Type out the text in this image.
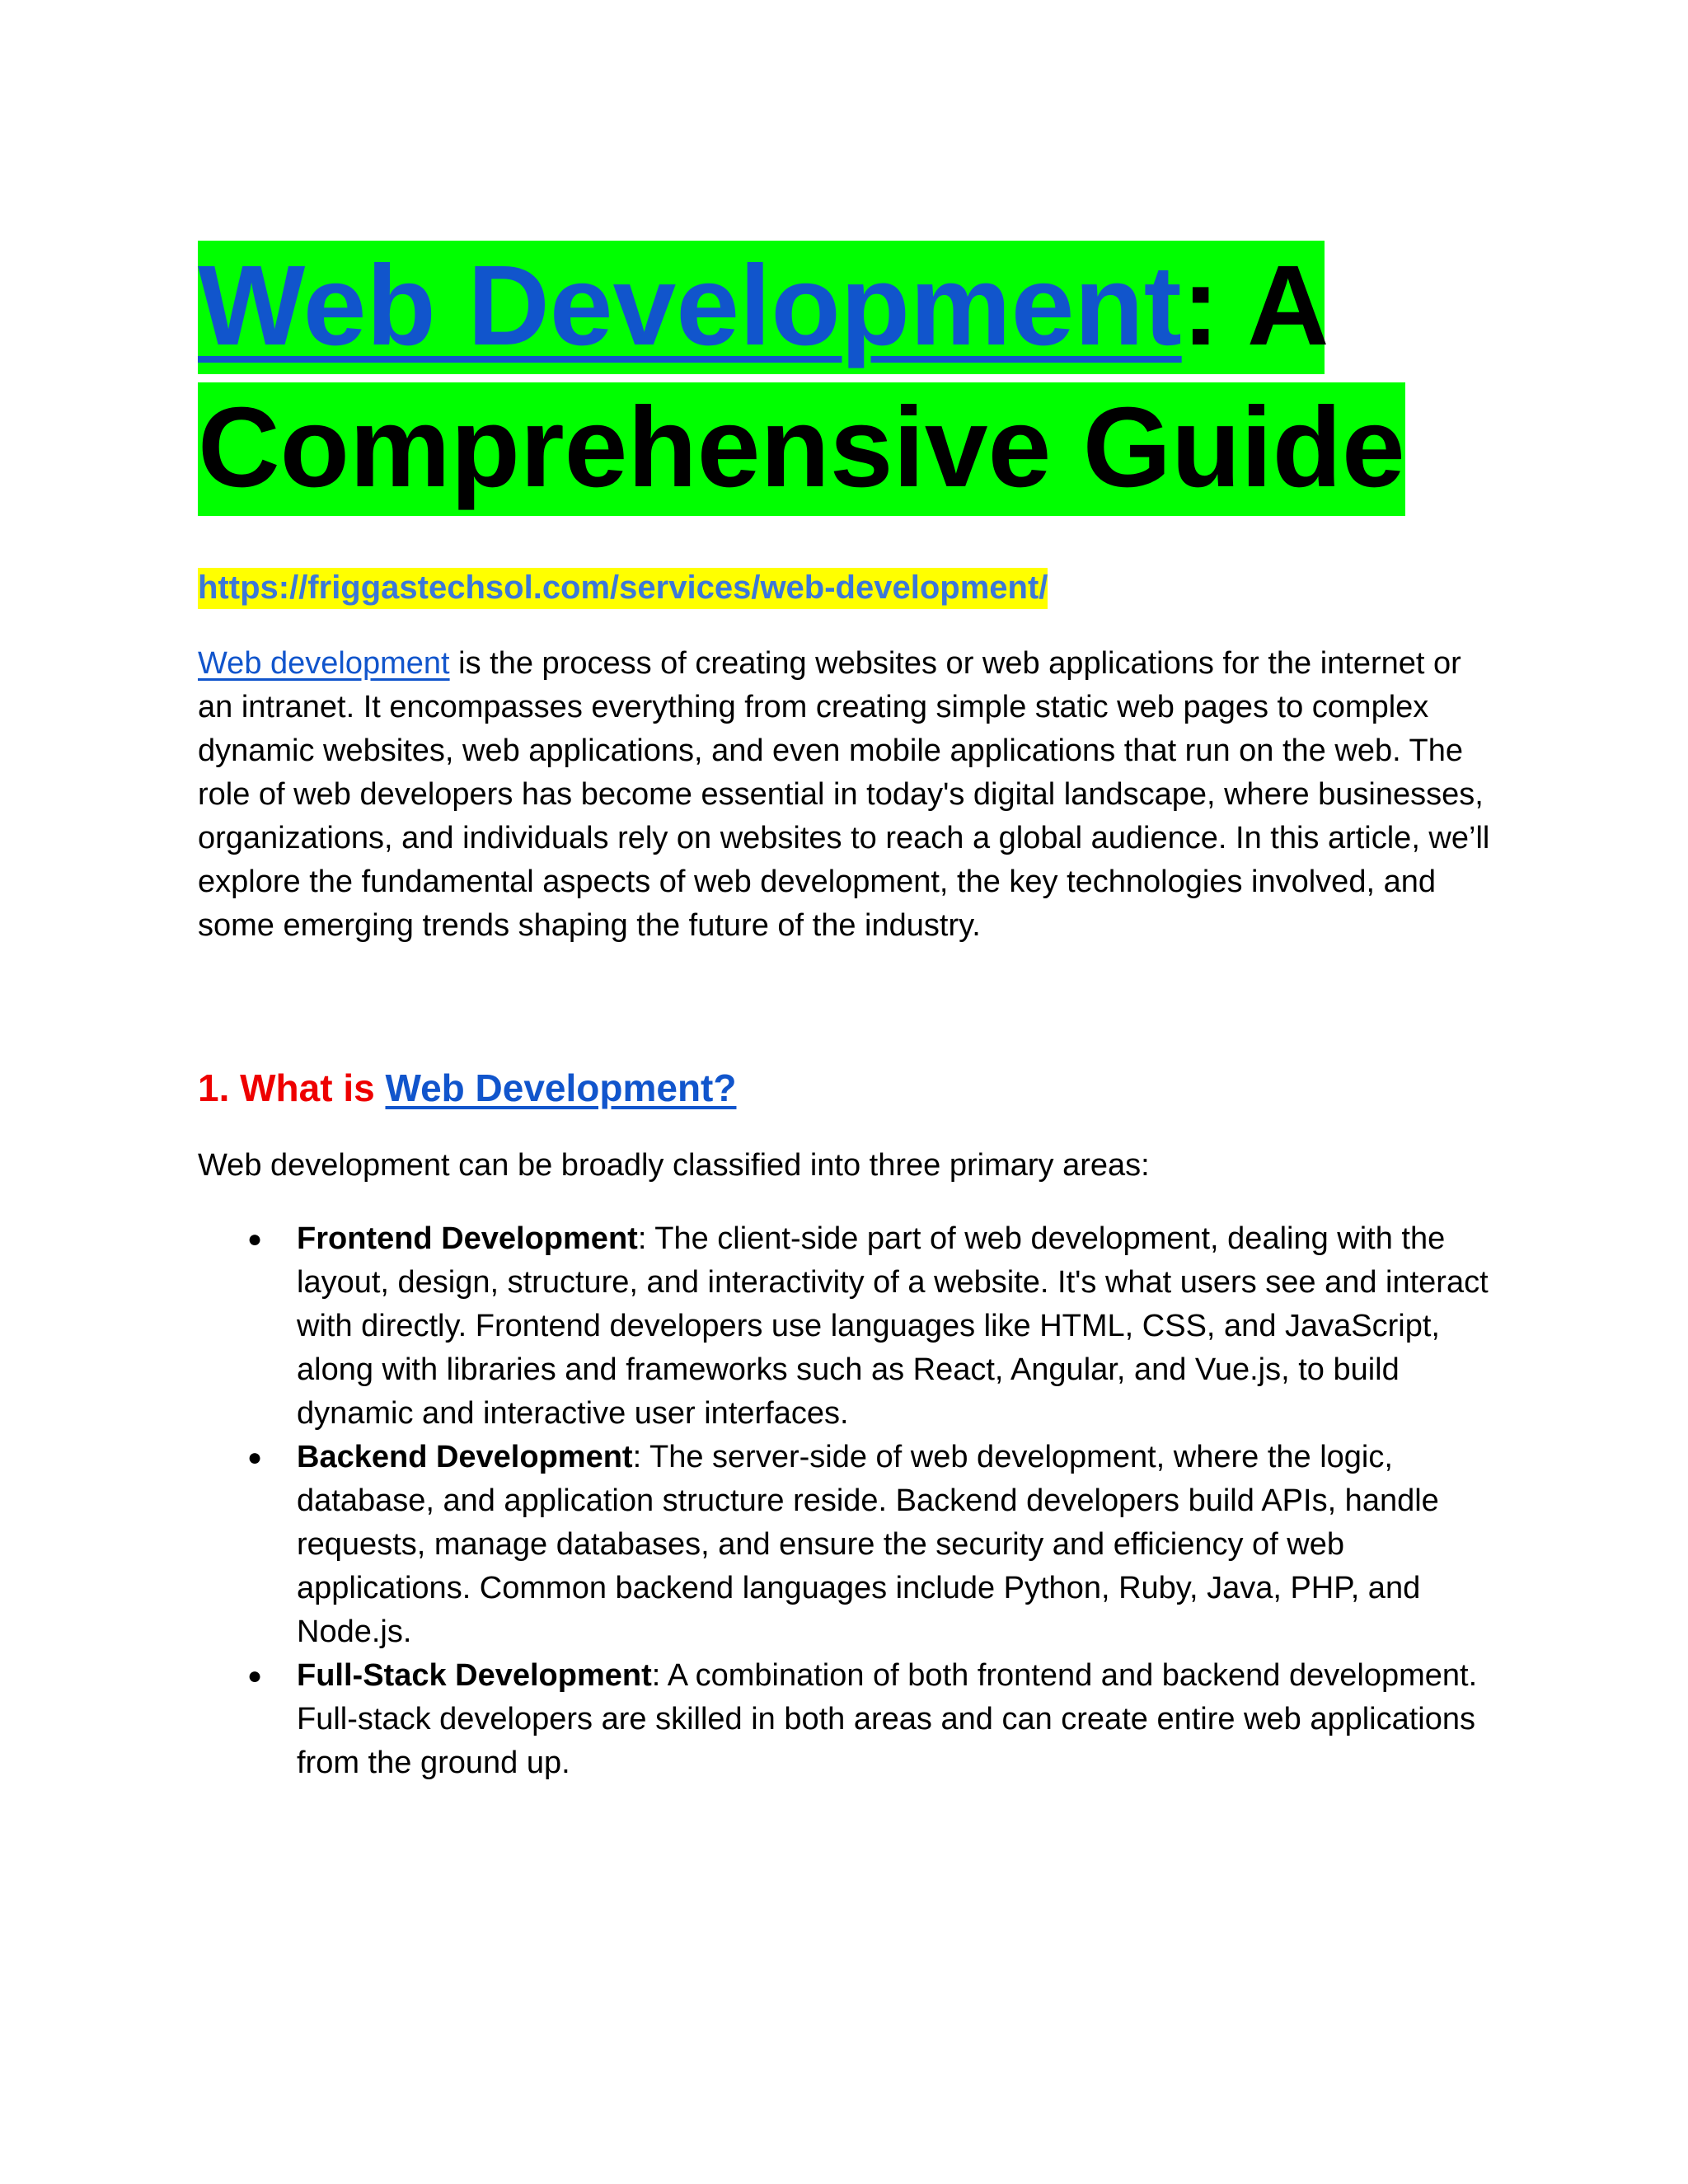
Web Development: A Comprehensive Guide
https://friggastechsol.com/services/web-development/

Web development is the process of creating websites or web applications for the internet or an intranet. It encompasses everything from creating simple static web pages to complex dynamic websites, web applications, and even mobile applications that run on the web. The role of web developers has become essential in today's digital landscape, where businesses, organizations, and individuals rely on websites to reach a global audience. In this article, we’ll explore the fundamental aspects of web development, the key technologies involved, and some emerging trends shaping the future of the industry.

1. What is Web Development?

Web development can be broadly classified into three primary areas:

● Frontend Development: The client-side part of web development, dealing with the layout, design, structure, and interactivity of a website. It's what users see and interact with directly. Frontend developers use languages like HTML, CSS, and JavaScript, along with libraries and frameworks such as React, Angular, and Vue.js, to build dynamic and interactive user interfaces.
● Backend Development: The server-side of web development, where the logic, database, and application structure reside. Backend developers build APIs, handle requests, manage databases, and ensure the security and efficiency of web applications. Common backend languages include Python, Ruby, Java, PHP, and Node.js.
● Full-Stack Development: A combination of both frontend and backend development. Full-stack developers are skilled in both areas and can create entire web applications from the ground up.
